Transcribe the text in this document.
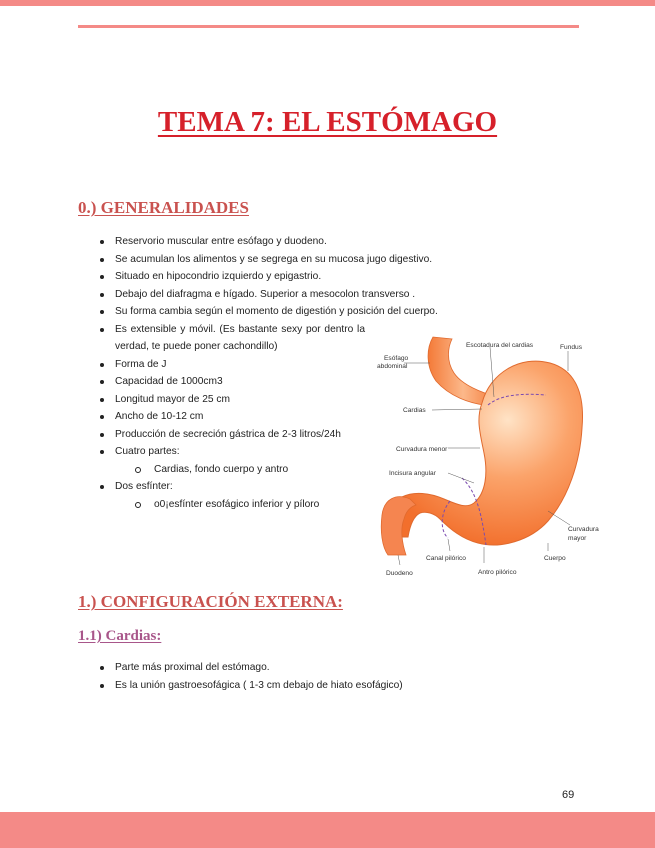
TEMA 7: EL ESTÓMAGO
0.) GENERALIDADES
Reservorio muscular entre esófago y duodeno.
Se acumulan los alimentos y se segrega en su mucosa jugo digestivo.
Situado en hipocondrio izquierdo y epigastrio.
Debajo del diafragma e hígado. Superior a mesocolon transverso .
Su forma cambia según el momento de digestión y posición del cuerpo.
Es extensible y móvil. (Es bastante sexy por dentro la verdad, te puede poner cachondillo)
Forma de J
Capacidad de 1000cm3
Longitud mayor de 25 cm
Ancho de 10-12 cm
Producción de secreción gástrica de 2-3 litros/24h
Cuatro partes:
Cardias, fondo cuerpo y antro
Dos esfínter:
o0¡esfínter esofágico inferior y píloro
Escotadura del cardias	Fundus
Esófago
abdominal
Cardias
Curvadura menor
Incisura angular
Curvadura
mayor
Cuerpo
Canal pilórico
Antro pilórico
Duodeno
1.) CONFIGURACIÓN EXTERNA:
1.1) Cardias:
Parte más proximal del estómago.
Es la unión gastroesofágica ( 1-3 cm debajo de hiato esofágico)
69
